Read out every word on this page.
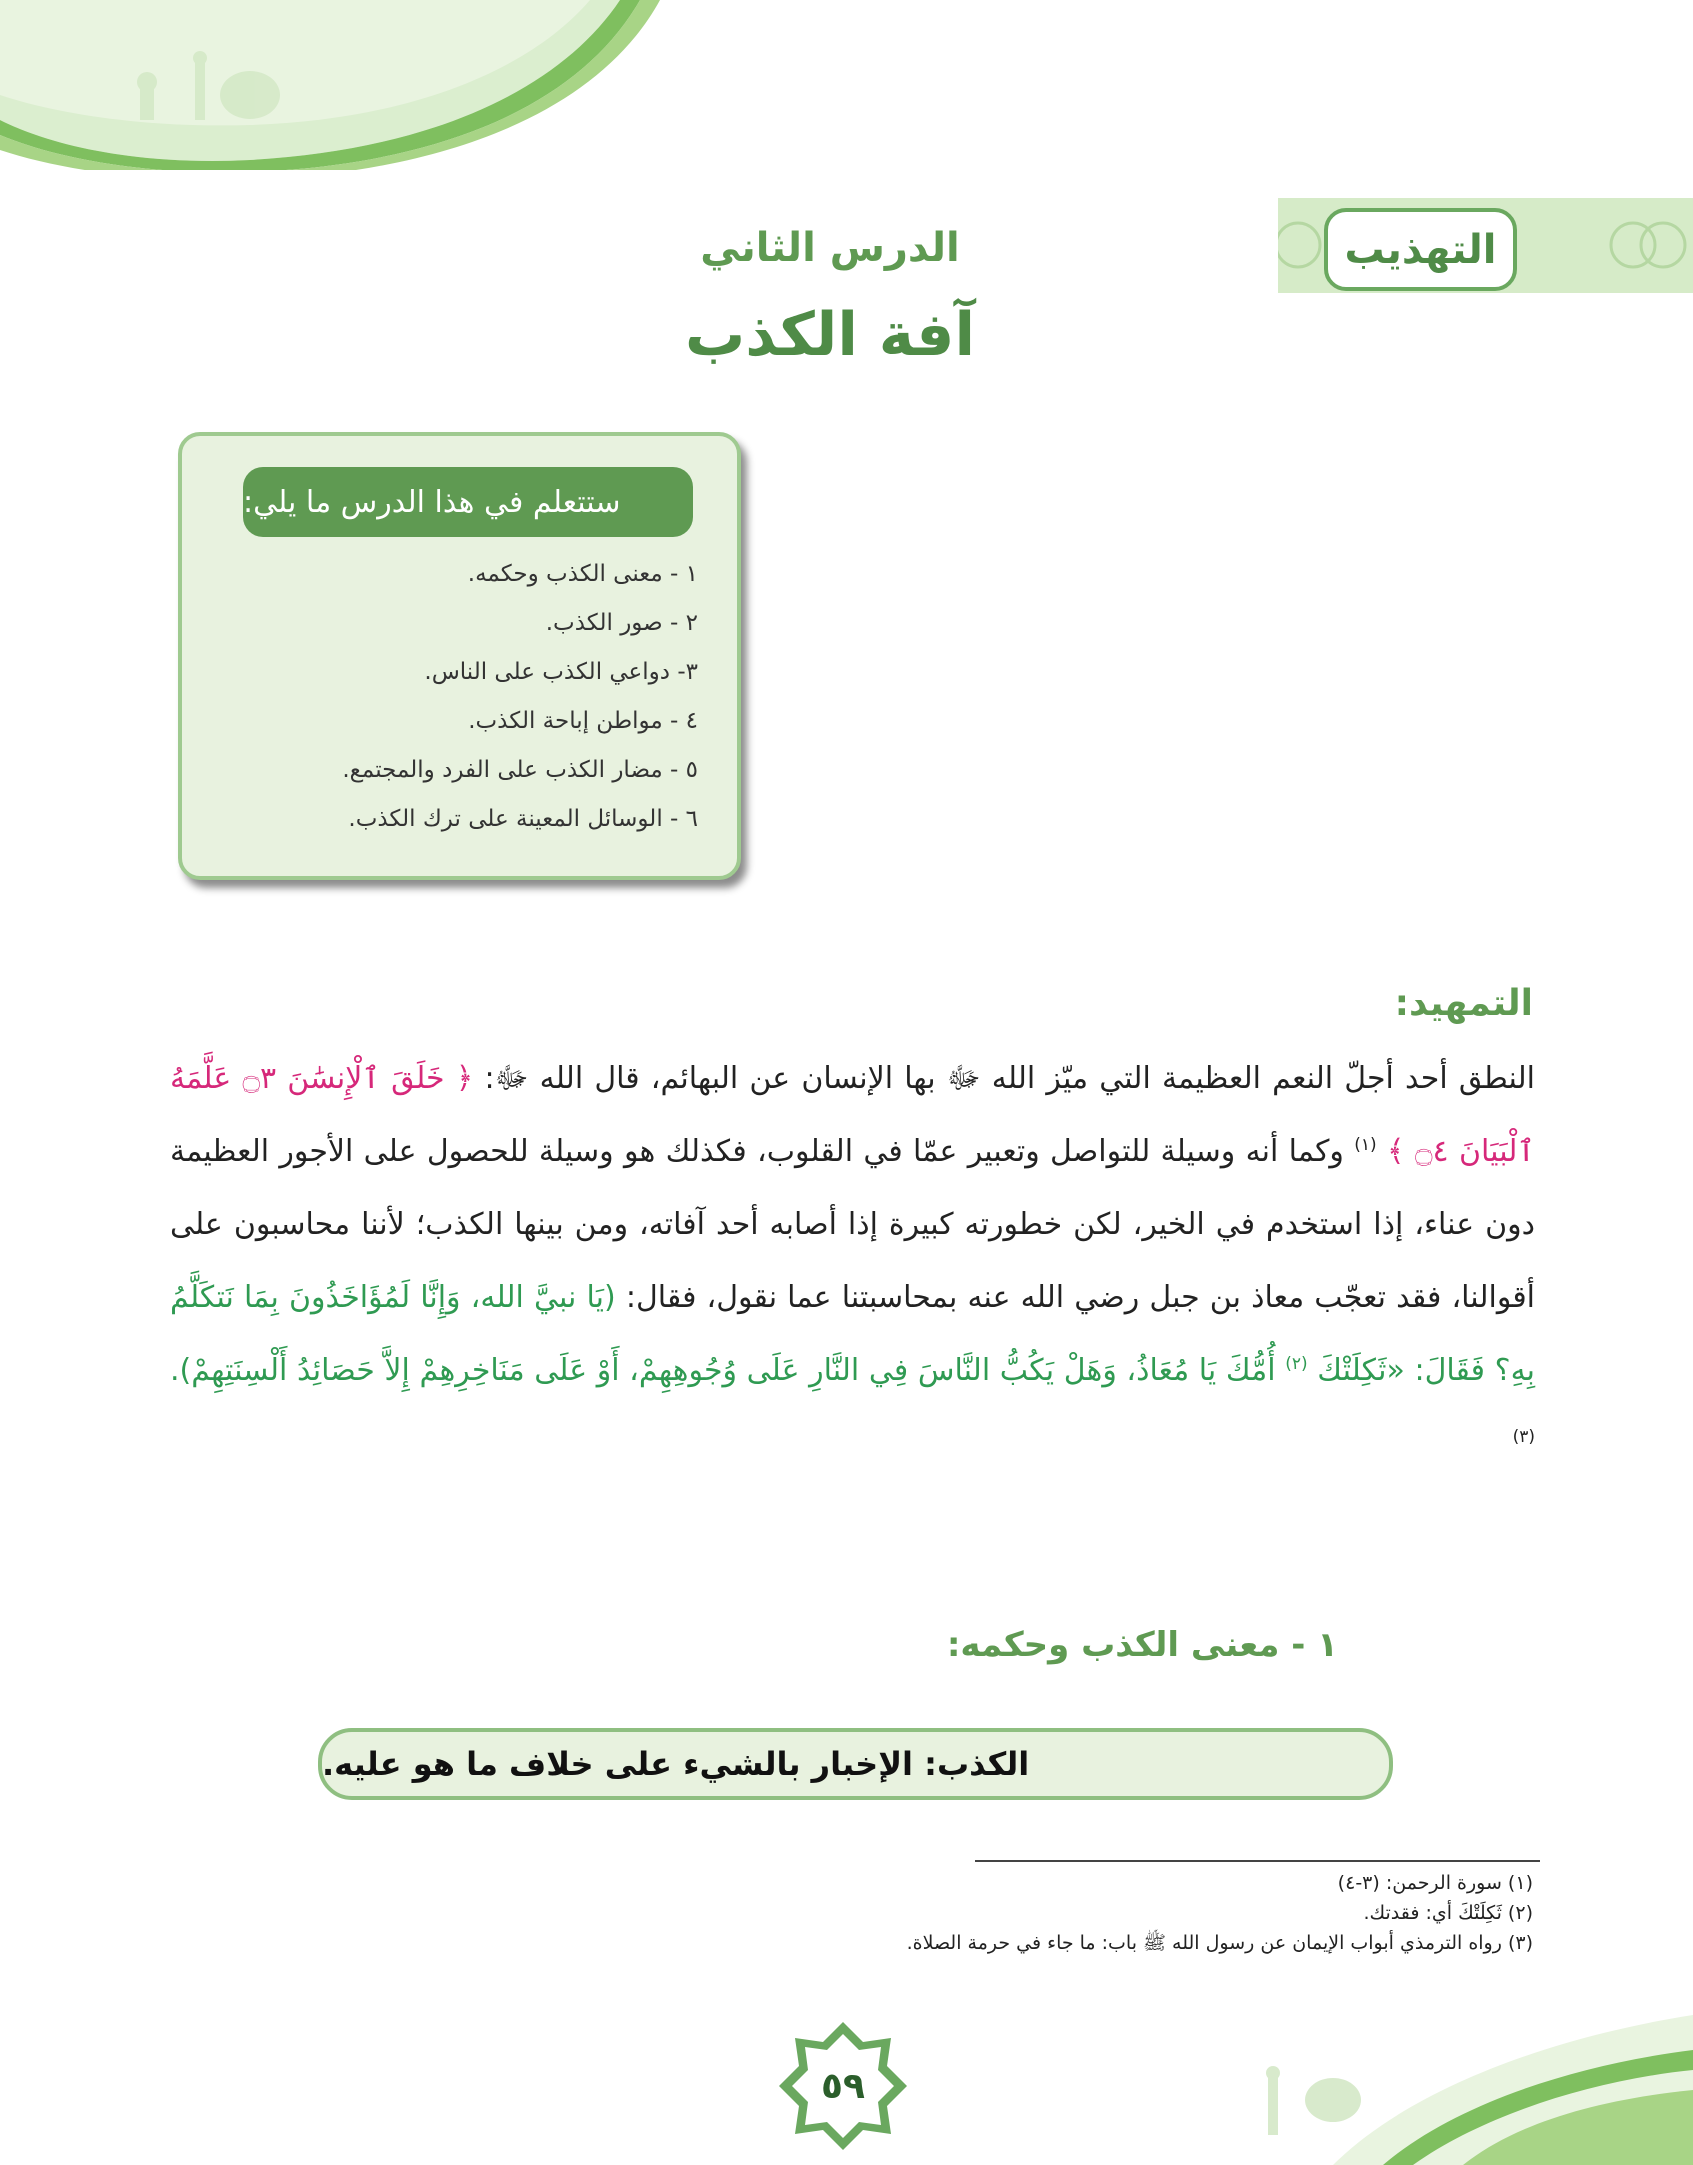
التهذيب
الدرس الثاني
آفة الكذب
ستتعلم في هذا الدرس ما يلي:
١ - معنى الكذب وحكمه.
٢ - صور الكذب.
٣- دواعي الكذب على الناس.
٤ - مواطن إباحة الكذب.
٥ - مضار الكذب على الفرد والمجتمع.
٦ - الوسائل المعينة على ترك الكذب.
التمهيد:
النطق أحد أجلّ النعم العظيمة التي ميّز الله ﷻ بها الإنسان عن البهائم، قال الله ﷻ: ﴿ خَلَقَ ٱلْإِنسَٰنَ ۝٣ عَلَّمَهُ ٱلْبَيَانَ ۝٤ ﴾ $^{(١)}$ وكما أنه وسيلة للتواصل وتعبير عمّا في القلوب، فكذلك هو وسيلة للحصول على الأجور العظيمة دون عناء، إذا استخدم في الخير، لكن خطورته كبيرة إذا أصابه أحد آفاته، ومن بينها الكذب؛ لأننا محاسبون على أقوالنا، فقد تعجّب معاذ بن جبل رضي الله عنه بمحاسبتنا عما نقول، فقال: (يَا نبيَّ الله، وَإِنَّا لَمُؤَاخَذُونَ بِمَا نَتكَلَّمُ بِهِ؟ فَقَالَ: «ثَكِلَتْكَ $^{(٢)}$ أُمُّكَ يَا مُعَاذُ، وَهَلْ يَكُبُّ النَّاسَ فِي النَّارِ عَلَى وُجُوهِهِمْ، أَوْ عَلَى مَنَاخِرِهِمْ إِلاَّ حَصَائِدُ أَلْسِنَتِهِمْ). $^{(٣)}$
١ - معنى الكذب وحكمه:
الكذب: الإخبار بالشيء على خلاف ما هو عليه.
(١) سورة الرحمن: (٣-٤)
(٢) ثَكِلَتْكَ أي: فقدتك.
(٣) رواه الترمذي أبواب الإيمان عن رسول الله ﷺ باب: ما جاء في حرمة الصلاة.
٥٩
